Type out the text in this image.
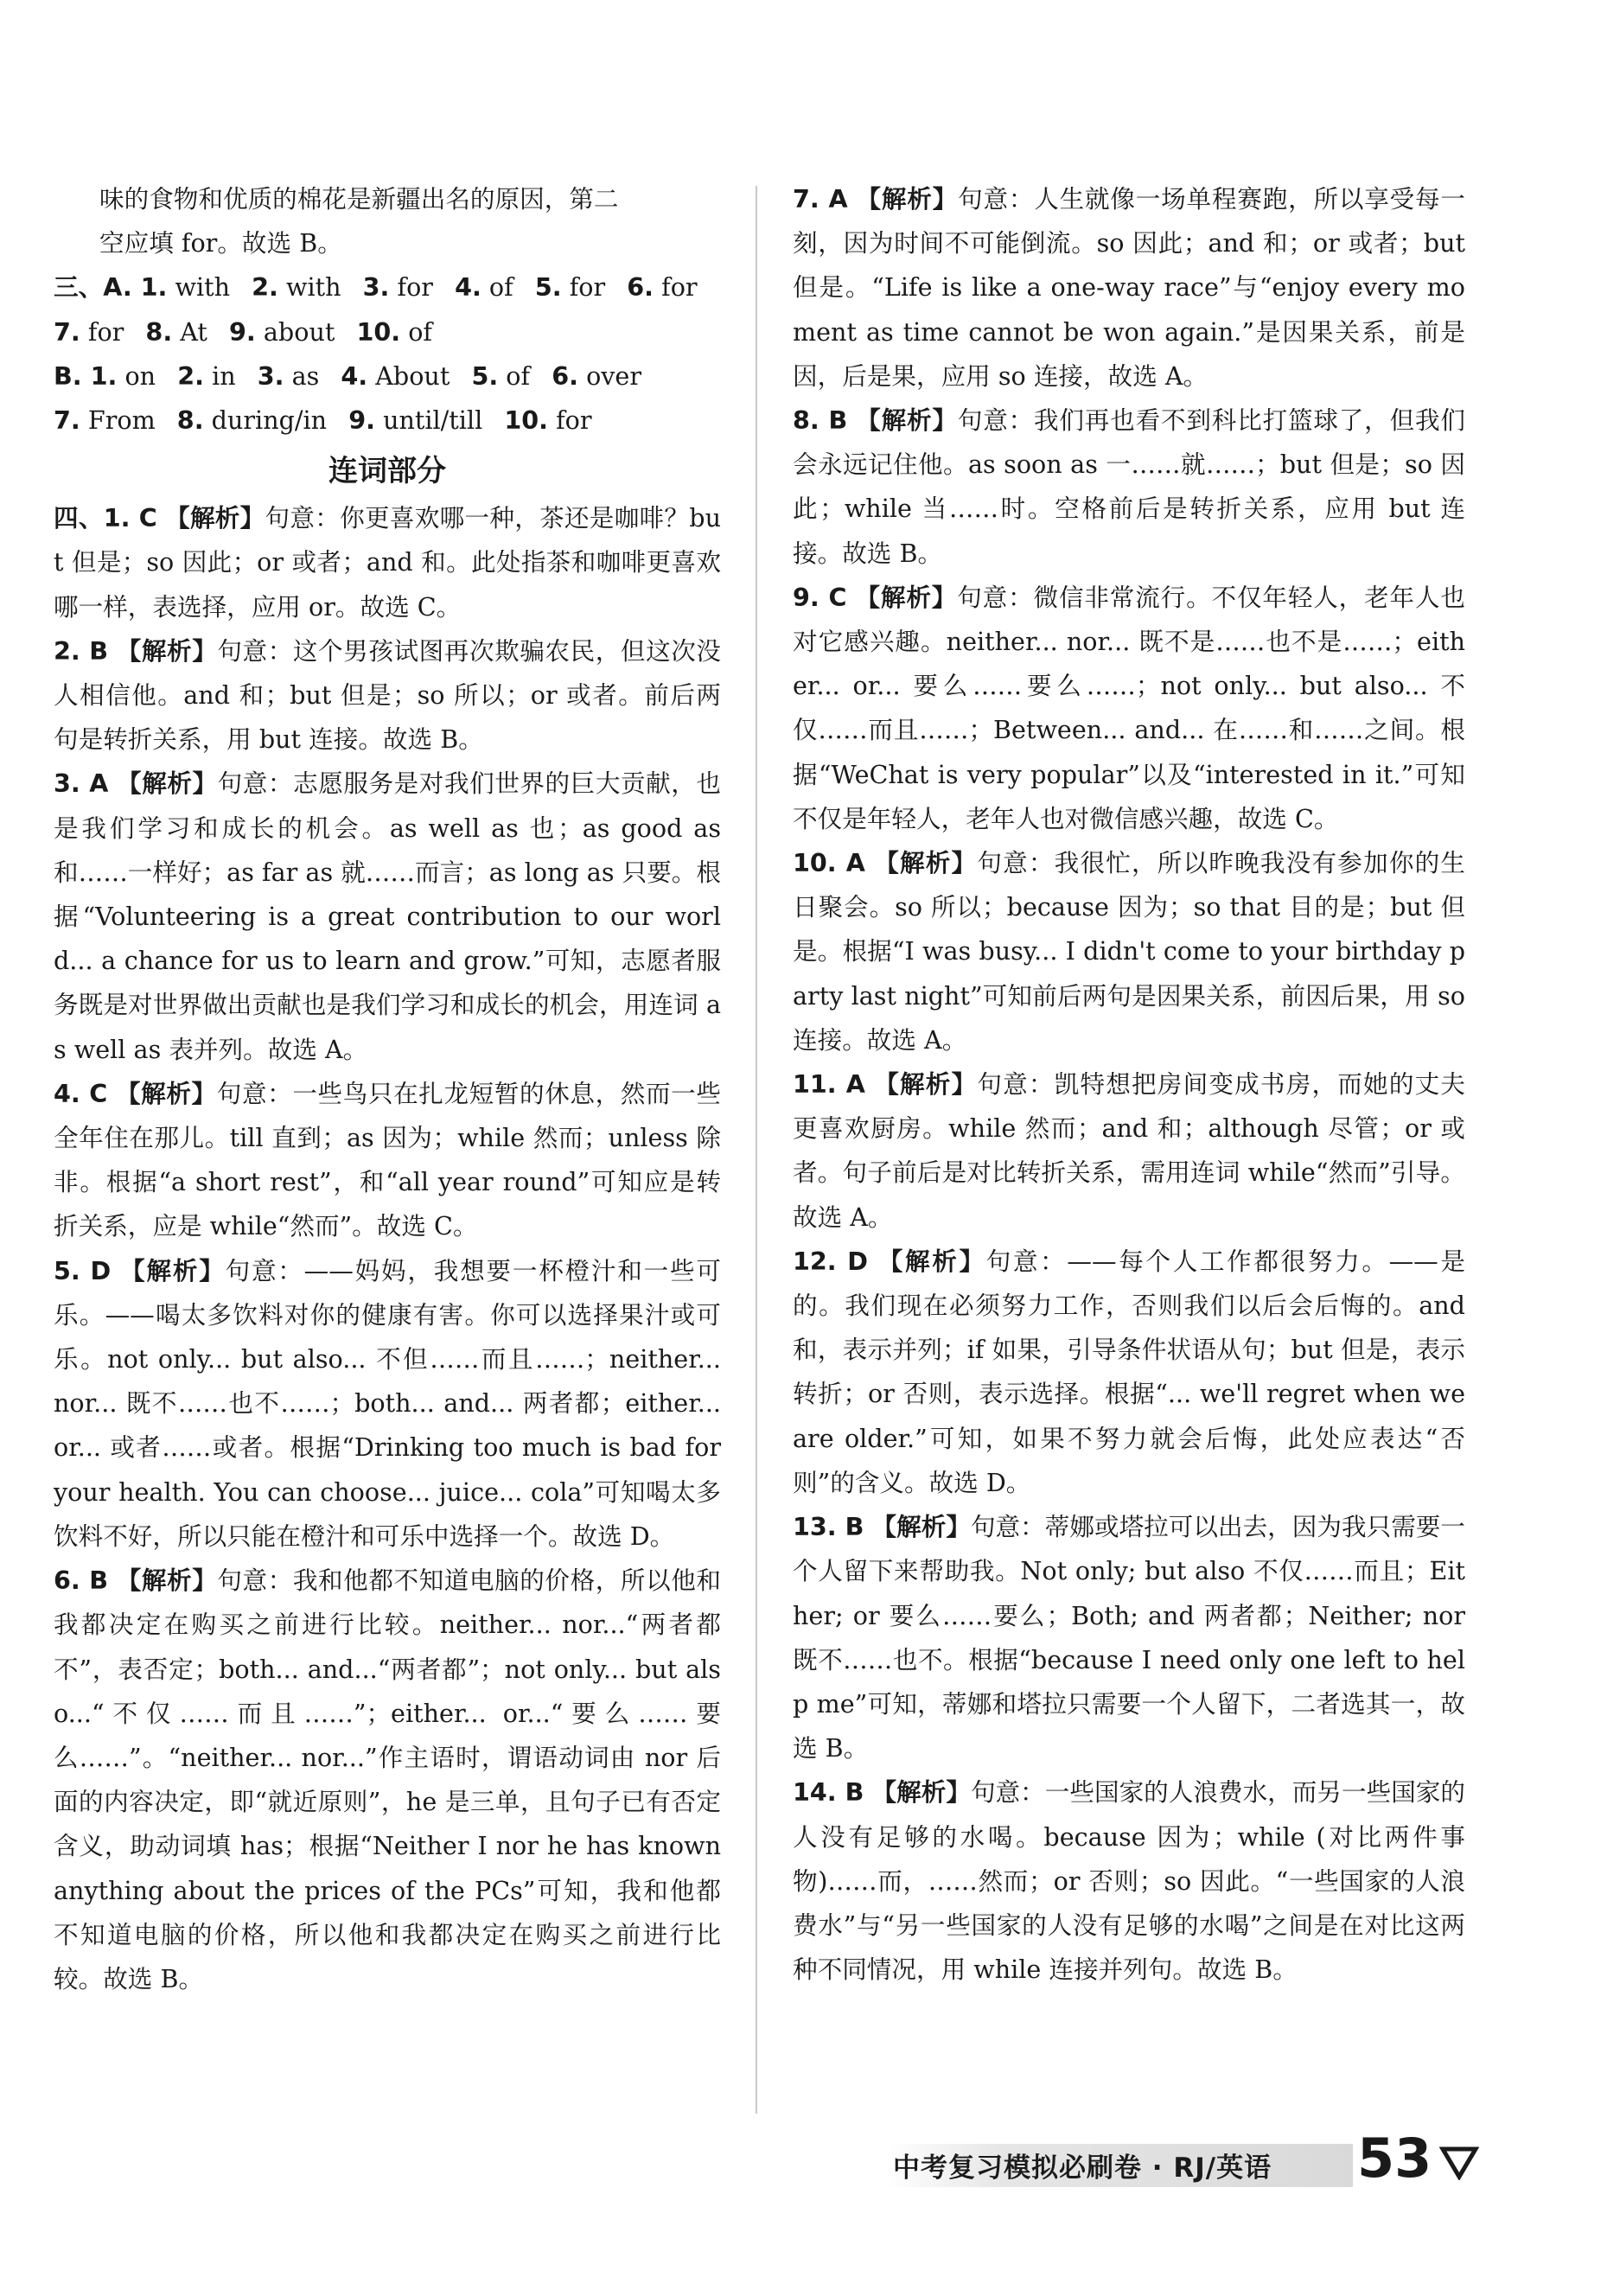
味的食物和优质的棉花是新疆出名的原因，第二
空应填 for。故选 B。
三、A. 1. with 2. with 3. for 4. of 5. for 6. for
7. for 8. At 9. about 10. of
B. 1. on 2. in 3. as 4. About 5. of 6. over
7. From 8. during/in 9. until/till 10. for
连词部分

四、1. C 【解析】句意：你更喜欢哪一种，茶还是咖啡？but 但是；so 因此；or 或者；and 和。此处指茶和咖啡更喜欢哪一样，表选择，应用 or。故选 C。

2. B 【解析】句意：这个男孩试图再次欺骗农民，但这次没人相信他。and 和；but 但是；so 所以；or 或者。前后两句是转折关系，用 but 连接。故选 B。

3. A 【解析】句意：志愿服务是对我们世界的巨大贡献，也是我们学习和成长的机会。as well as 也；as good as 和……一样好；as far as 就……而言；as long as 只要。根据“Volunteering is a great contribution to our world... a chance for us to learn and grow.”可知，志愿者服务既是对世界做出贡献也是我们学习和成长的机会，用连词 as well as 表并列。故选 A。

4. C 【解析】句意：一些鸟只在扎龙短暂的休息，然而一些全年住在那儿。till 直到；as 因为；while 然而；unless 除非。根据“a short rest”，和“all year round”可知应是转折关系，应是 while“然而”。故选 C。

5. D 【解析】句意：——妈妈，我想要一杯橙汁和一些可乐。——喝太多饮料对你的健康有害。你可以选择果汁或可乐。not only... but also... 不但……而且……；neither... nor... 既不……也不……；both... and... 两者都；either... or... 或者……或者。根据“Drinking too much is bad for your health. You can choose... juice... cola”可知喝太多饮料不好，所以只能在橙汁和可乐中选择一个。故选 D。

6. B 【解析】句意：我和他都不知道电脑的价格，所以他和我都决定在购买之前进行比较。neither... nor...“两者都不”，表否定；both... and...“两者都”；not only... but also...“不仅……而且……”；either... or...“要么……要么……”。“neither... nor...”作主语时，谓语动词由 nor 后面的内容决定，即“就近原则”，he 是三单，且句子已有否定含义，助动词填 has；根据“Neither I nor he has known anything about the prices of the PCs”可知，我和他都不知道电脑的价格，所以他和我都决定在购买之前进行比较。故选 B。

7. A 【解析】句意：人生就像一场单程赛跑，所以享受每一刻，因为时间不可能倒流。so 因此；and 和；or 或者；but 但是。“Life is like a one-way race”与“enjoy every moment as time cannot be won again.”是因果关系，前是因，后是果，应用 so 连接，故选 A。

8. B 【解析】句意：我们再也看不到科比打篮球了，但我们会永远记住他。as soon as 一……就……；but 但是；so 因此；while 当……时。空格前后是转折关系，应用 but 连接。故选 B。

9. C 【解析】句意：微信非常流行。不仅年轻人，老年人也对它感兴趣。neither... nor... 既不是……也不是……；either... or... 要么……要么……；not only... but also... 不仅……而且……；Between... and... 在……和……之间。根据“WeChat is very popular”以及“interested in it.”可知不仅是年轻人，老年人也对微信感兴趣，故选 C。

10. A 【解析】句意：我很忙，所以昨晚我没有参加你的生日聚会。so 所以；because 因为；so that 目的是；but 但是。根据“I was busy... I didn't come to your birthday party last night”可知前后两句是因果关系，前因后果，用 so 连接。故选 A。

11. A 【解析】句意：凯特想把房间变成书房，而她的丈夫更喜欢厨房。while 然而；and 和；although 尽管；or 或者。句子前后是对比转折关系，需用连词 while“然而”引导。故选 A。

12. D 【解析】句意：——每个人工作都很努力。——是的。我们现在必须努力工作，否则我们以后会后悔的。and 和，表示并列；if 如果，引导条件状语从句；but 但是，表示转折；or 否则，表示选择。根据“... we'll regret when we are older.”可知，如果不努力就会后悔，此处应表达“否则”的含义。故选 D。

13. B 【解析】句意：蒂娜或塔拉可以出去，因为我只需要一个人留下来帮助我。Not only; but also 不仅……而且；Either; or 要么……要么；Both; and 两者都；Neither; nor 既不……也不。根据“because I need only one left to help me”可知，蒂娜和塔拉只需要一个人留下，二者选其一，故选 B。

14. B 【解析】句意：一些国家的人浪费水，而另一些国家的人没有足够的水喝。because 因为；while (对比两件事物)……而，……然而；or 否则；so 因此。“一些国家的人浪费水”与“另一些国家的人没有足够的水喝”之间是在对比这两种不同情况，用 while 连接并列句。故选 B。

中考复习模拟必刷卷 · RJ/英语 53
